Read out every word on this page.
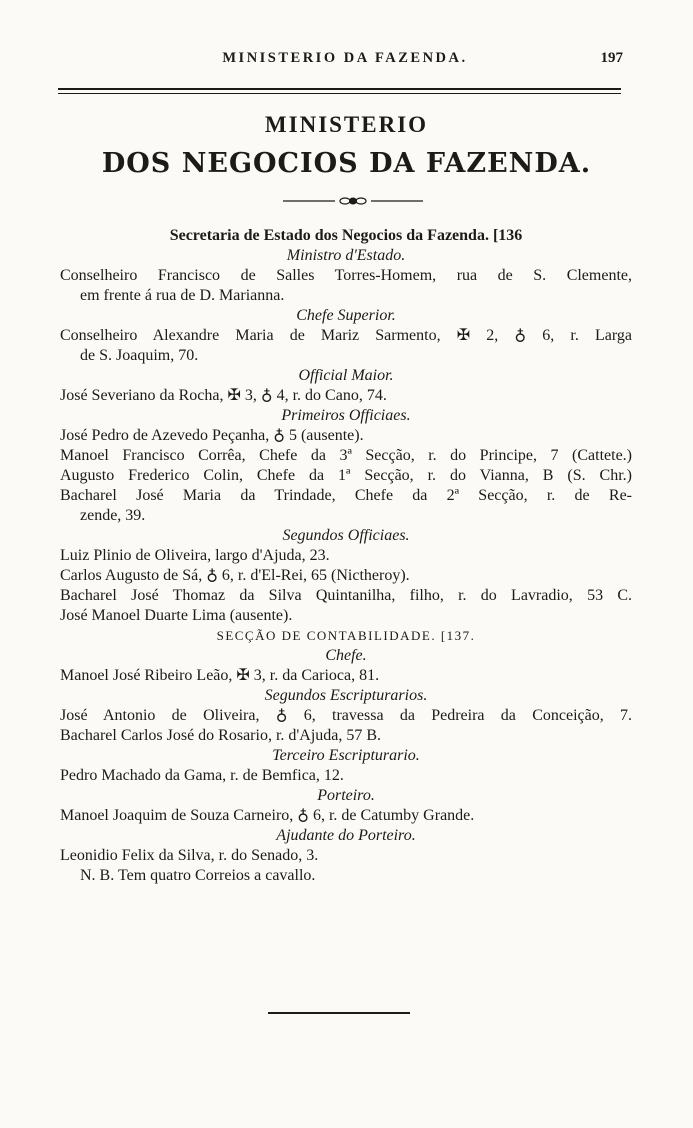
MINISTERIO DA FAZENDA.	197
MINISTERIO
DOS NEGOCIOS DA FAZENDA.
Secretaria de Estado dos Negocios da Fazenda. [136
Ministro d'Estado.
Conselheiro Francisco de Salles Torres-Homem, rua de S. Clemente,
em frente á rua de D. Marianna.
Chefe Superior.
Conselheiro Alexandre Maria de Mariz Sarmento, ✠ 2, ♁ 6, r. Larga
de S. Joaquim, 70.
Official Maior.
José Severiano da Rocha, ✠ 3, ♁ 4, r. do Cano, 74.
Primeiros Officiaes.
José Pedro de Azevedo Peçanha, ♁ 5 (ausente).
Manoel Francisco Corrêa, Chefe da 3ª Secção, r. do Principe, 7 (Cattete.)
Augusto Frederico Colin, Chefe da 1ª Secção, r. do Vianna, B (S. Chr.)
Bacharel José Maria da Trindade, Chefe da 2ª Secção, r. de Re-
zende, 39.
Segundos Officiaes.
Luiz Plinio de Oliveira, largo d'Ajuda, 23.
Carlos Augusto de Sá, ♁ 6, r. d'El-Rei, 65 (Nictheroy).
Bacharel José Thomaz da Silva Quintanilha, filho, r. do Lavradio, 53 C.
José Manoel Duarte Lima (ausente).
SECÇÃO DE CONTABILIDADE. [137.
Chefe.
Manoel José Ribeiro Leão, ✠ 3, r. da Carioca, 81.
Segundos Escripturarios.
José Antonio de Oliveira, ♁ 6, travessa da Pedreira da Conceição, 7.
Bacharel Carlos José do Rosario, r. d'Ajuda, 57 B.
Terceiro Escripturario.
Pedro Machado da Gama, r. de Bemfica, 12.
Porteiro.
Manoel Joaquim de Souza Carneiro, ♁ 6, r. de Catumby Grande.
Ajudante do Porteiro.
Leonidio Felix da Silva, r. do Senado, 3.
N. B. Tem quatro Correios a cavallo.
